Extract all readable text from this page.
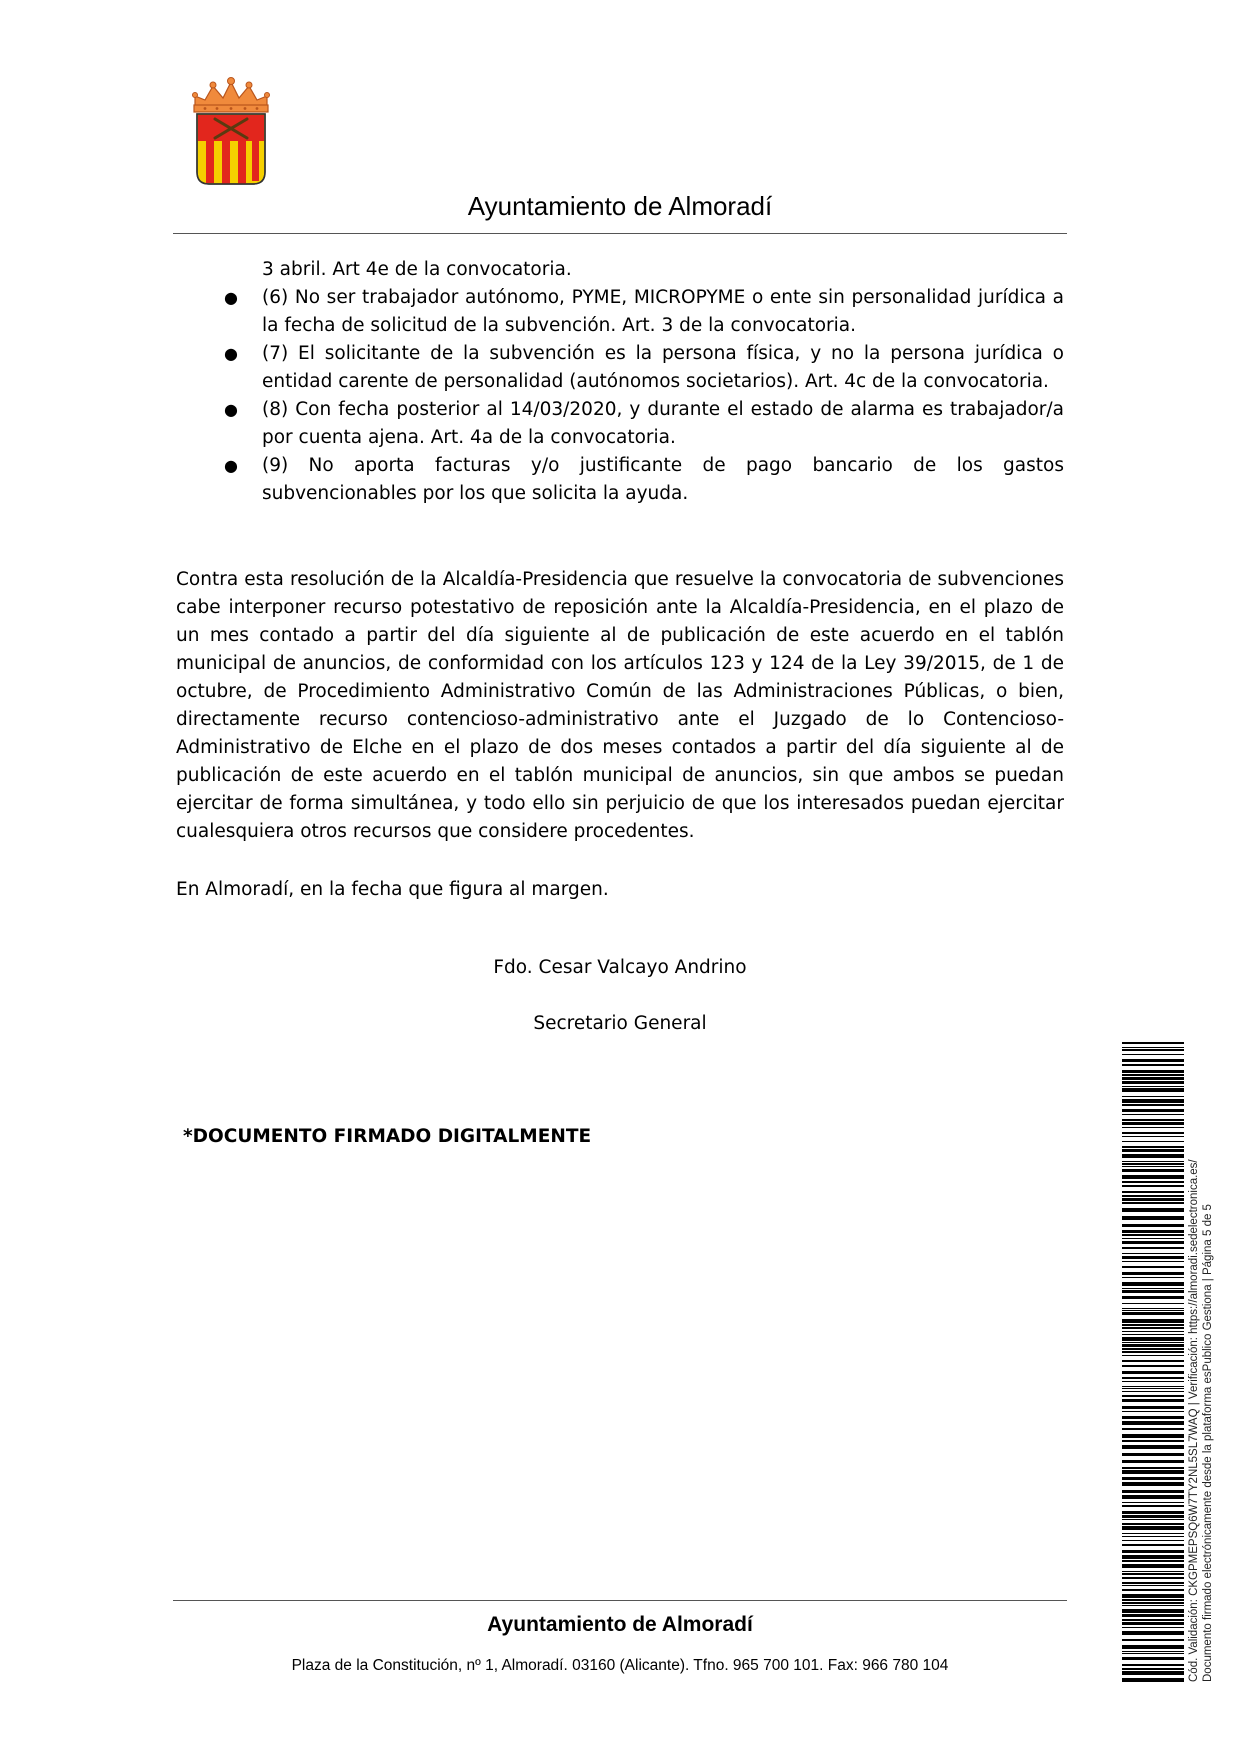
Ayuntamiento de Almoradí
3 abril. Art 4e de la convocatoria.
●	(6) No ser trabajador autónomo, PYME, MICROPYME o ente sin personalidad jurídica a la fecha de solicitud de la subvención. Art. 3 de la convocatoria.
●	(7) El solicitante de la subvención es la persona física, y no la persona jurídica o entidad carente de personalidad (autónomos societarios). Art. 4c de la convocatoria.
●	(8) Con fecha posterior al 14/03/2020, y durante el estado de alarma es trabajador/a por cuenta ajena. Art. 4a de la convocatoria.
●	(9) No aporta facturas y/o justificante de pago bancario de los gastos subvencionables por los que solicita la ayuda.
Contra esta resolución de la Alcaldía-Presidencia que resuelve la convocatoria de subvenciones cabe interponer recurso potestativo de reposición ante la Alcaldía-Presidencia, en el plazo de un mes contado a partir del día siguiente al de publicación de este acuerdo en el tablón municipal de anuncios, de conformidad con los artículos 123 y 124 de la Ley 39/2015, de 1 de octubre, de Procedimiento Administrativo Común de las Administraciones Públicas, o bien, directamente recurso contencioso-administrativo ante el Juzgado de lo Contencioso-Administrativo de Elche en el plazo de dos meses contados a partir del día siguiente al de publicación de este acuerdo en el tablón municipal de anuncios, sin que ambos se puedan ejercitar de forma simultánea, y todo ello sin perjuicio de que los interesados puedan ejercitar cualesquiera otros recursos que considere procedentes.
En Almoradí, en la fecha que figura al margen.
Fdo. Cesar Valcayo Andrino
Secretario General
*DOCUMENTO FIRMADO DIGITALMENTE
Ayuntamiento de Almoradí
Plaza de la Constitución, nº 1, Almoradí. 03160 (Alicante). Tfno. 965 700 101. Fax: 966 780 104	Cód. Validación: CKGPMEPSQ6W7TY2NL5SL7WAQ | Verificación: https://almoradi.sedelectronica.es/ Documento firmado electrónicamente desde la plataforma esPublico Gestiona | Página 5 de 5
